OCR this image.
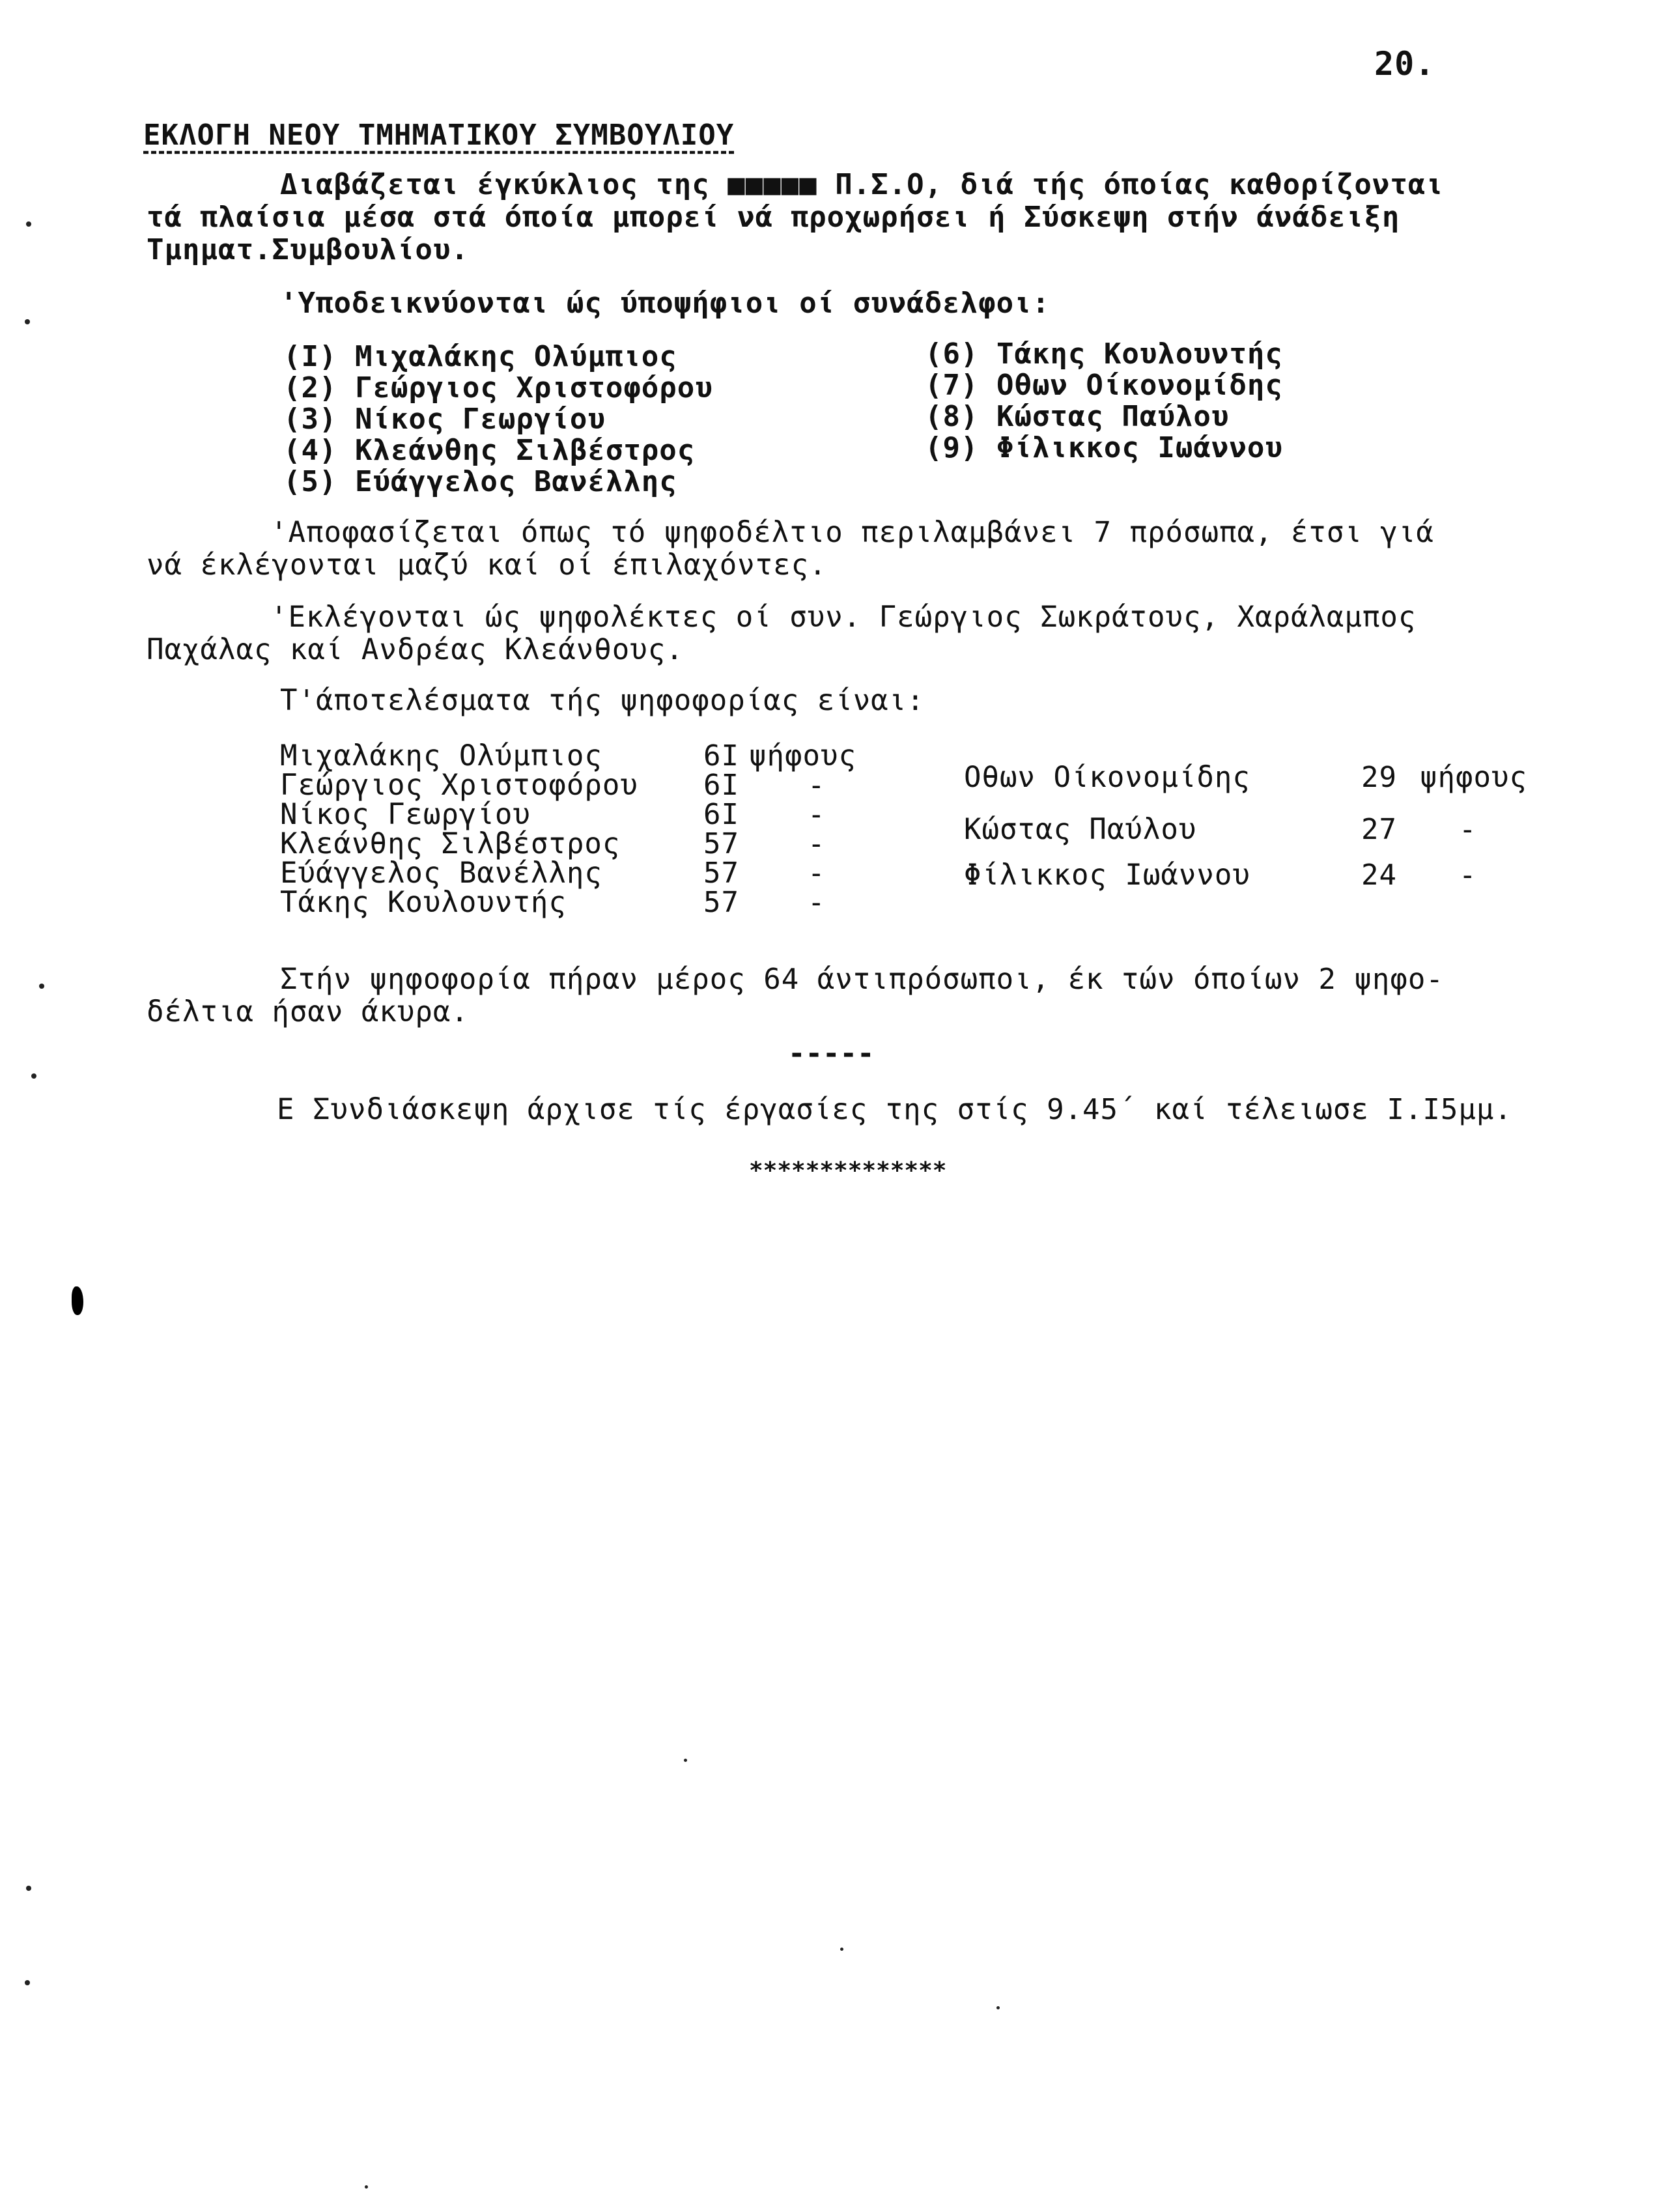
20.
ΕΚΛΟΓΗ ΝΕΟΥ ΤΜΗΜΑΤΙΚΟΥ ΣΥΜΒΟΥΛΙΟΥ
Διαβάζεται έγκύκλιος της ■■■■■ Π.Σ.Ο, διά τής όποίας καθορίζονται
τά πλαίσια μέσα στά όποία μπορεί νά προχωρήσει ή Σύσκεψη στήν άνάδειξη
Τμηματ.Συμβουλίου.
'Υποδεικνύονται ώς ύποψήφιοι οί συνάδελφοι:
(I) Μιχαλάκης Ολύμπιος
(2) Γεώργιος Χριστοφόρου
(3) Νίκος Γεωργίου
(4) Κλεάνθης Σιλβέστρος
(5) Εύάγγελος Βανέλλης
(6) Τάκης Κουλουντής
(7) Οθων Οίκονομίδης
(8) Κώστας Παύλου
(9) Φίλικκος Ιωάννου
'Αποφασίζεται όπως τό ψηφοδέλτιο περιλαμβάνει 7 πρόσωπα, έτσι γιά
νά έκλέγονται μαζύ καί οί έπιλαχόντες.
'Εκλέγονται ώς ψηφολέκτες οί συν. Γεώργιος Σωκράτους, Χαράλαμπος
Παχάλας καί Ανδρέας Κλεάνθους.
Τ'άποτελέσματα τής ψηφοφορίας είναι:
Μιχαλάκης Ολύμπιος	6I ψήφους
Γεώργιος Χριστοφόρου 6I -
Νίκος Γεωργίου	6I -
Κλεάνθης Σιλβέστρος	57 -
Εύάγγελος Βανέλλης	57 -
Τάκης Κουλουντής	57 -
Οθων Οίκονομίδης	29 ψήφους
Κώστας Παύλου	27 -
Φίλικκος Ιωάννου	24 -
Στήν ψηφοφορία πήραν μέρος 64 άντιπρόσωποι, έκ τών όποίων 2 ψηφο-
δέλτια ήσαν άκυρα.
-----
Ε Συνδιάσκεψη άρχισε τίς έργασίες της στίς 9.45΄ καί τέλειωσε I.I5μμ.
**************
